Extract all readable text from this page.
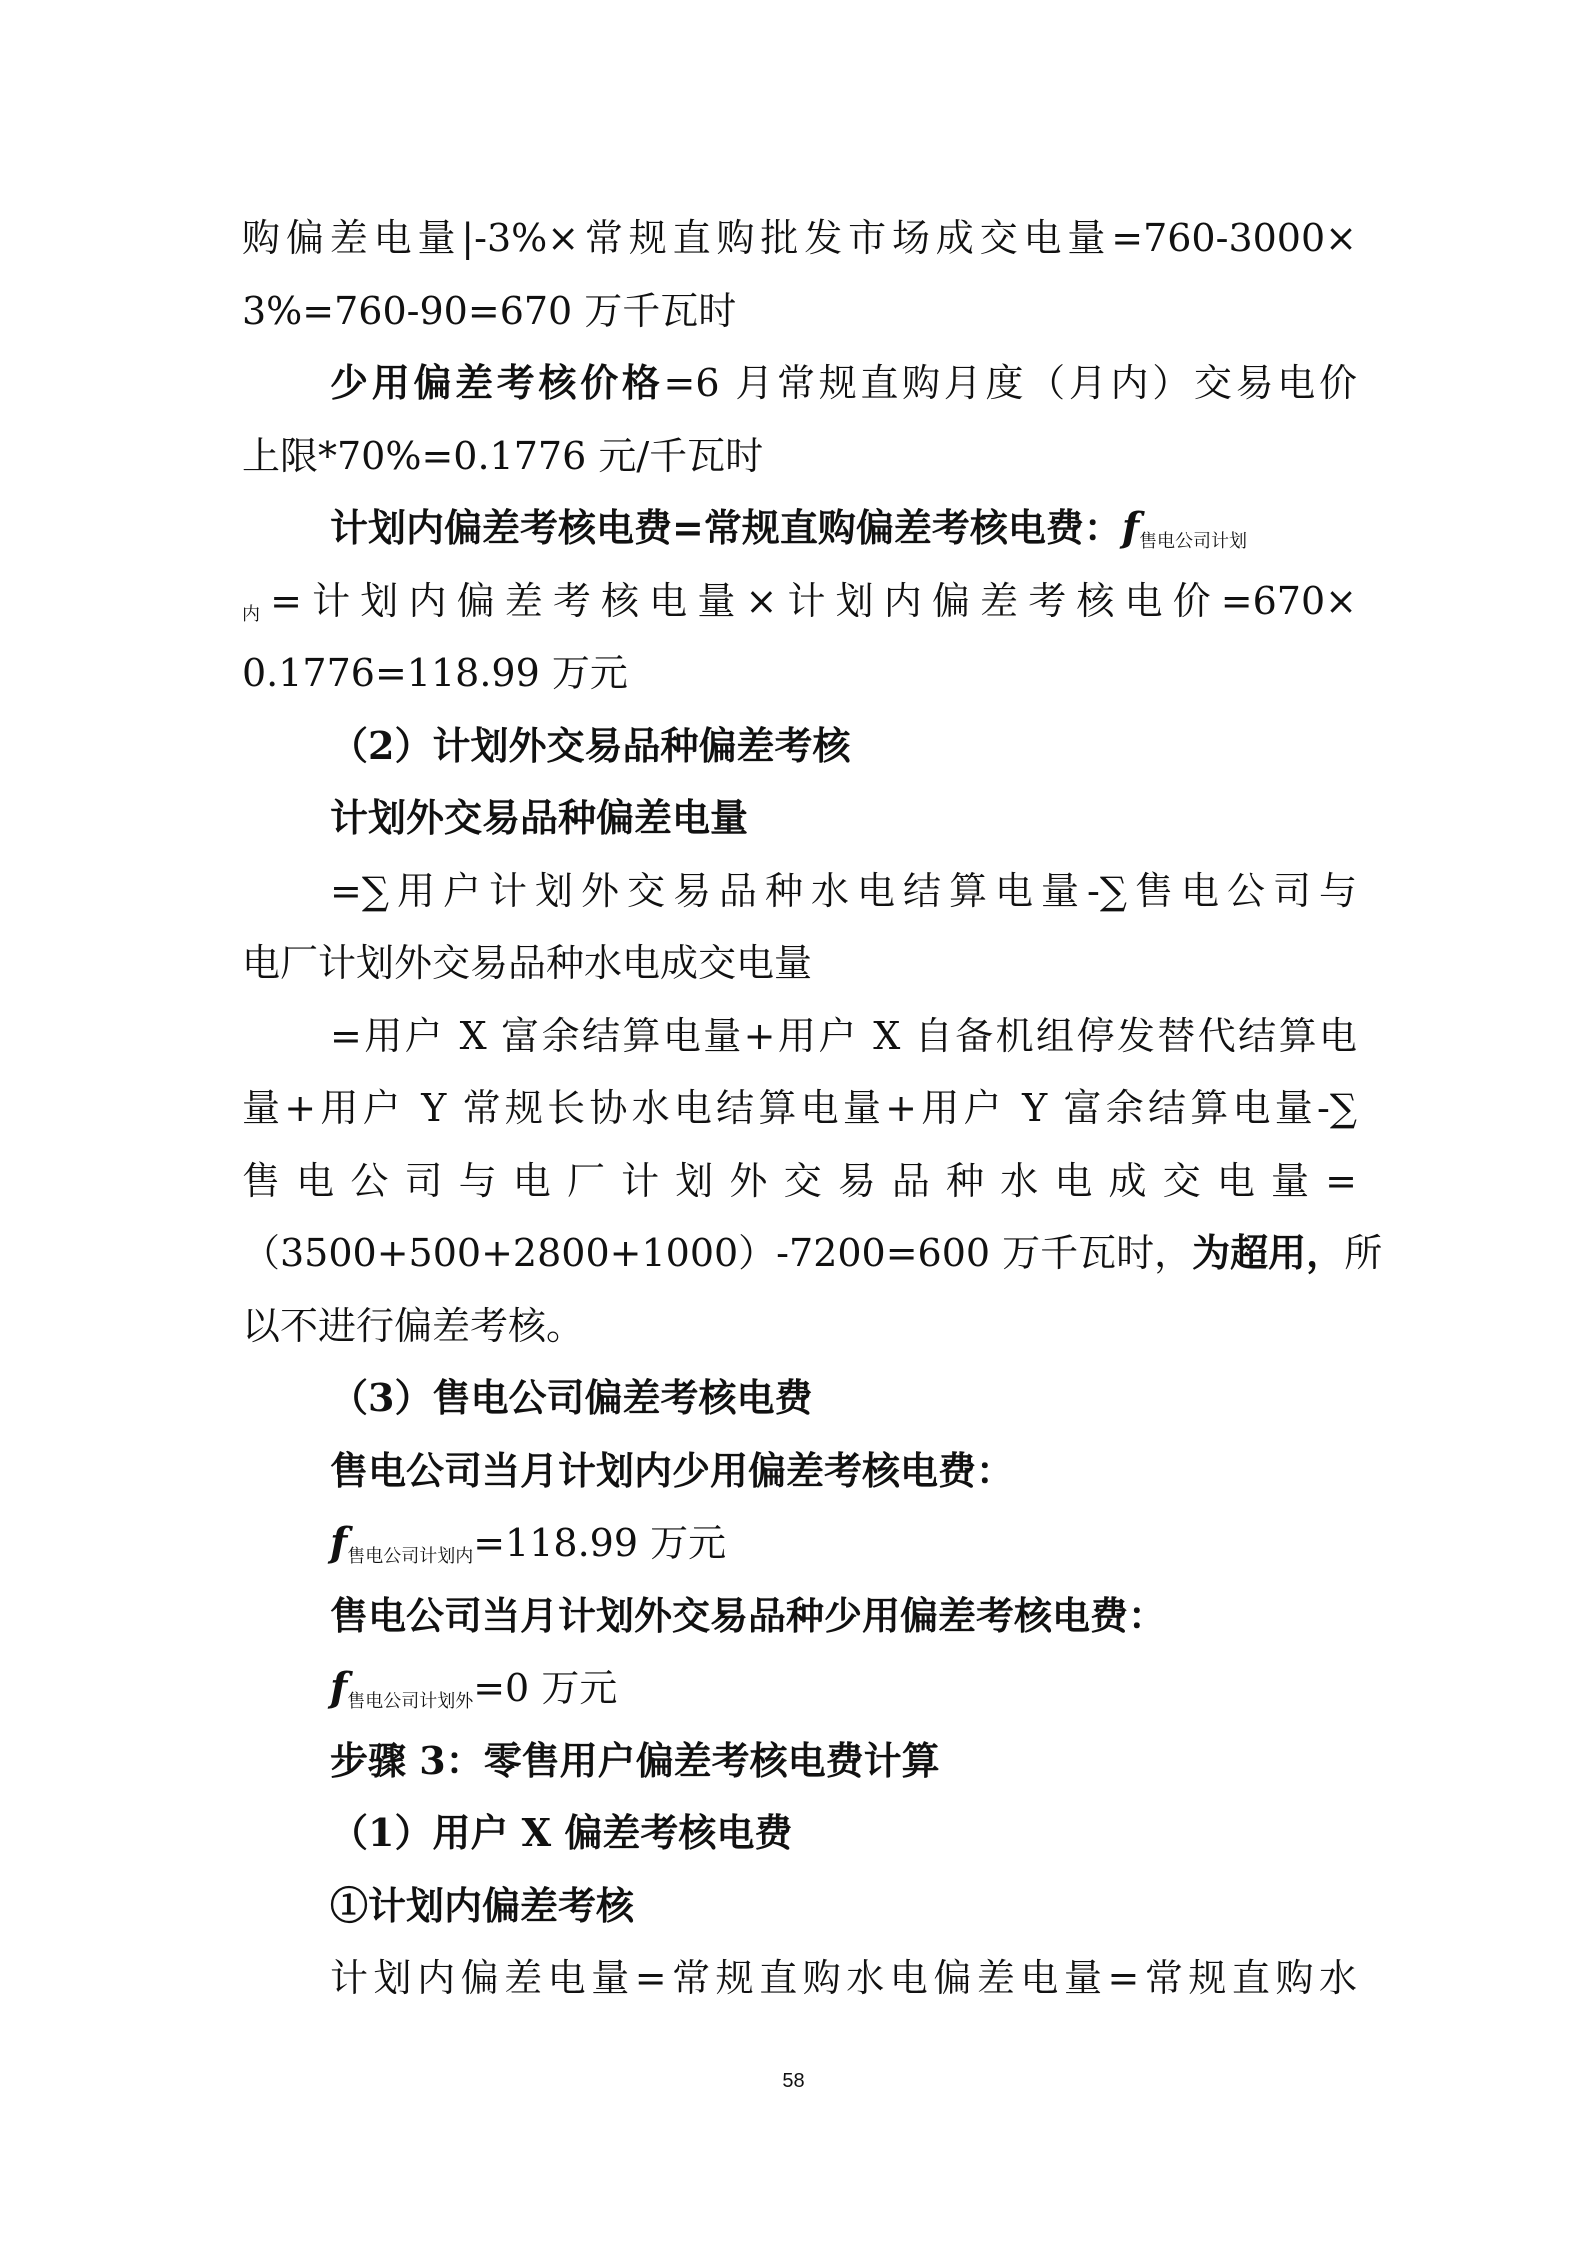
购偏差电量|-3%×常规直购批发市场成交电量=760-3000×
3%=760-90=670 万千瓦时
少用偏差考核价格=6 月常规直购月度（月内）交易电价
上限*70%=0.1776 元/千瓦时
计划内偏差考核电费=常规直购偏差考核电费：$f_{售电公司计划}$
$_内$=计划内偏差考核电量×计划内偏差考核电价=670×
0.1776=118.99 万元
（2）计划外交易品种偏差考核
计划外交易品种偏差电量
=∑用户计划外交易品种水电结算电量-∑售电公司与
电厂计划外交易品种水电成交电量
=用户 X 富余结算电量+用户 X 自备机组停发替代结算电
量+用户 Y 常规长协水电结算电量+用户 Y 富余结算电量-∑
售 电 公 司 与 电 厂 计 划 外 交 易 品 种 水 电 成 交 电 量 =
（3500+500+2800+1000）-7200=600 万千瓦时，为超用，所
以不进行偏差考核。
（3）售电公司偏差考核电费
售电公司当月计划内少用偏差考核电费：
$f_{售电公司计划内}=118.99$ 万元
售电公司当月计划外交易品种少用偏差考核电费：
$f_{售电公司计划外}=0$ 万元
步骤 3：零售用户偏差考核电费计算
（1）用户 X 偏差考核电费
①计划内偏差考核
计划内偏差电量=常规直购水电偏差电量=常规直购水
58
